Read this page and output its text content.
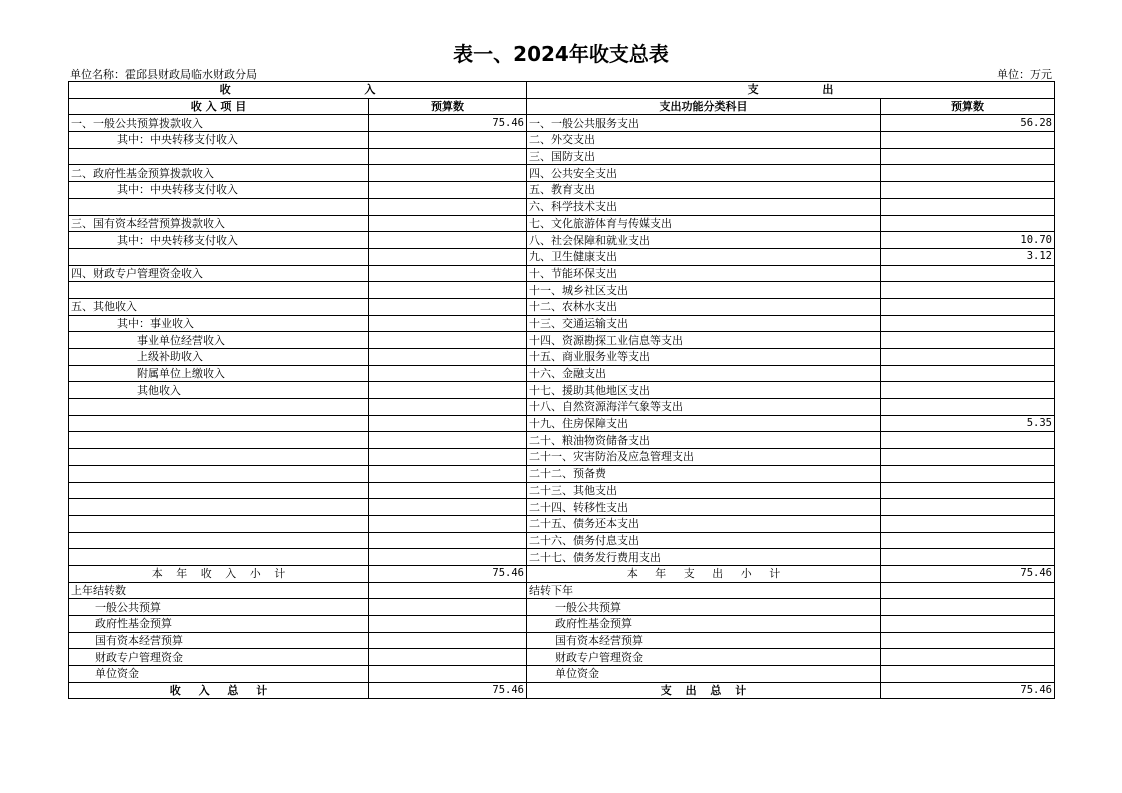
表一、2024年收支总表
单位名称：霍邱县财政局临水财政分局	单位：万元
收 入		支 出	
收 入 项 目	预算数	支出功能分类科目	预算数
一、一般公共预算拨款收入	75.46	一、一般公共服务支出	56.28
其中：中央转移支付收入		二、外交支出	
		三、国防支出	
二、政府性基金预算拨款收入		四、公共安全支出	
其中：中央转移支付收入		五、教育支出	
		六、科学技术支出	
三、国有资本经营预算拨款收入		七、文化旅游体育与传媒支出	
其中：中央转移支付收入		八、社会保障和就业支出	10.70
		九、卫生健康支出	3.12
四、财政专户管理资金收入		十、节能环保支出	
		十一、城乡社区支出	
五、其他收入		十二、农林水支出	
其中：事业收入		十三、交通运输支出	
事业单位经营收入		十四、资源勘探工业信息等支出	
上级补助收入		十五、商业服务业等支出	
附属单位上缴收入		十六、金融支出	
其他收入		十七、援助其他地区支出	
		十八、自然资源海洋气象等支出	
		十九、住房保障支出	5.35
		二十、粮油物资储备支出	
		二十一、灾害防治及应急管理支出	
		二十二、预备费	
		二十三、其他支出	
		二十四、转移性支出	
		二十五、债务还本支出	
		二十六、债务付息支出	
		二十七、债务发行费用支出	
本 年 收 入 小 计	75.46	本 年 支 出 小 计	75.46
上年结转数		结转下年	
一般公共预算		一般公共预算	
政府性基金预算		政府性基金预算	
国有资本经营预算		国有资本经营预算	
财政专户管理资金		财政专户管理资金	
单位资金		单位资金	
收 入 总 计	75.46	支 出 总 计	75.46
